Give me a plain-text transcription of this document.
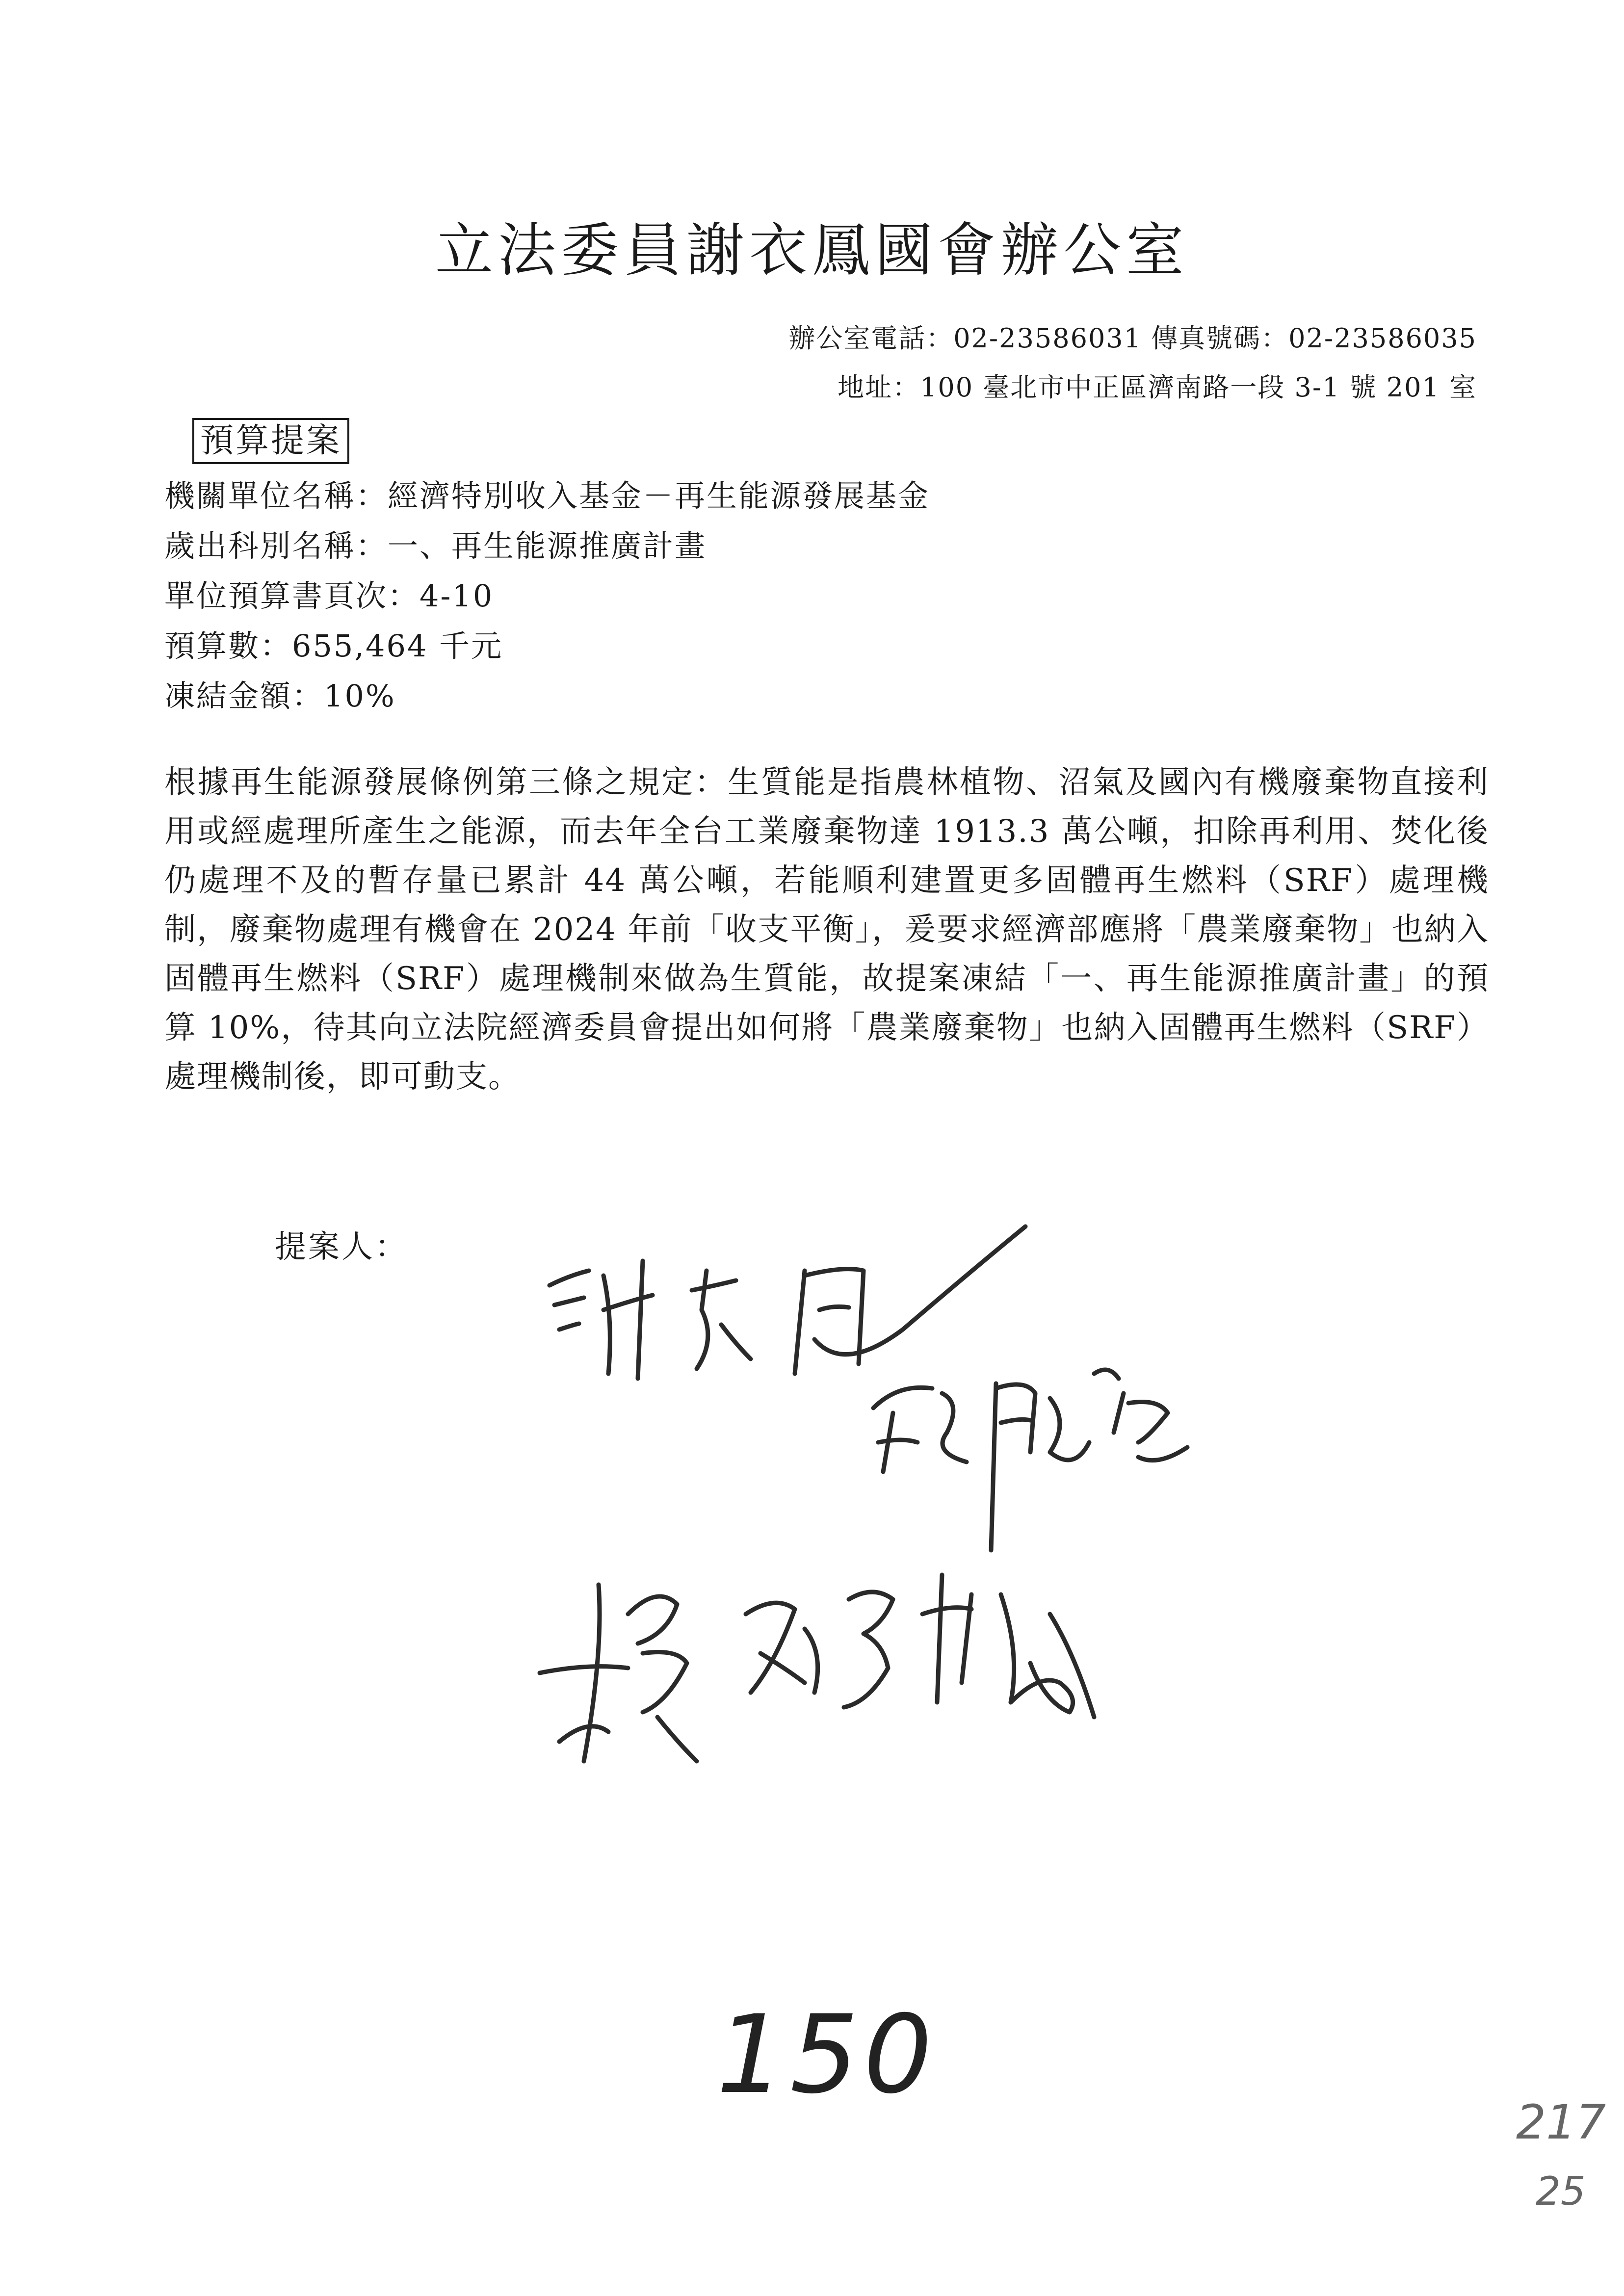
立法委員謝衣鳳國會辦公室
辦公室電話：02-23586031 傳真號碼：02-23586035
地址：100 臺北市中正區濟南路一段 3-1 號 201 室
預算提案
機關單位名稱：經濟特別收入基金－再生能源發展基金
歲出科別名稱：一、再生能源推廣計畫
單位預算書頁次：4-10
預算數：655,464 千元
凍結金額：10%
根據再生能源發展條例第三條之規定：生質能是指農林植物、沼氣及國內有機廢棄物直接利用或經處理所產生之能源，而去年全台工業廢棄物達 1913.3 萬公噸，扣除再利用、焚化後仍處理不及的暫存量已累計 44 萬公噸，若能順利建置更多固體再生燃料（SRF）處理機制，廢棄物處理有機會在 2024 年前「收支平衡」，爰要求經濟部應將「農業廢棄物」也納入固體再生燃料（SRF）處理機制來做為生質能，故提案凍結「一、再生能源推廣計畫」的預算 10%，待其向立法院經濟委員會提出如何將「農業廢棄物」也納入固體再生燃料（SRF）處理機制後，即可動支。
提案人：
150
217
25
